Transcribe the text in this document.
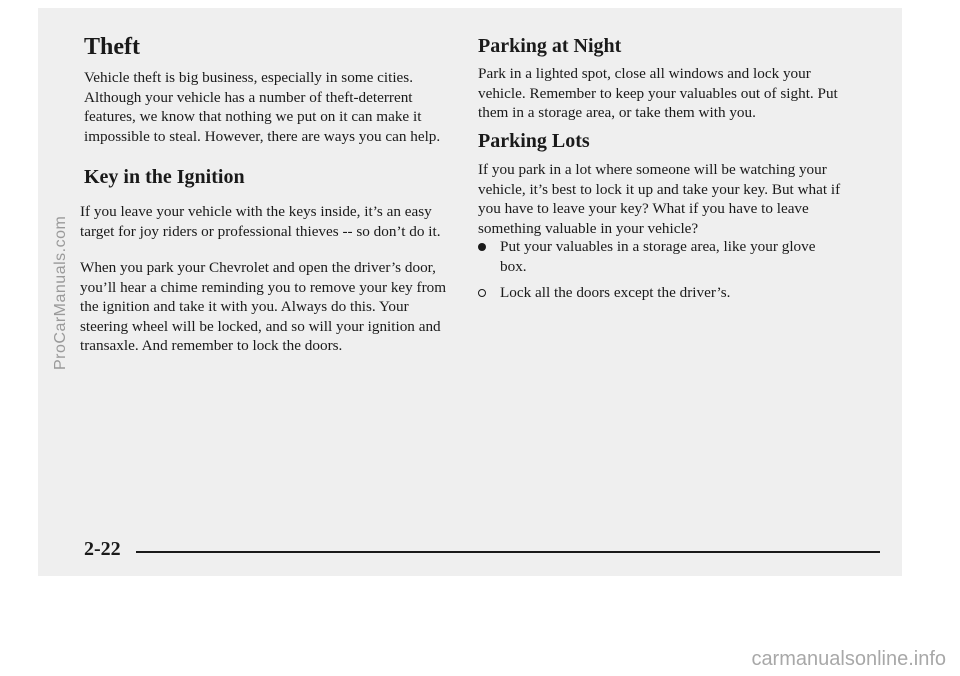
Theft

Vehicle theft is big business, especially in some cities. Although your vehicle has a number of theft-deterrent features, we know that nothing we put on it can make it impossible to steal. However, there are ways you can help.

Key in the Ignition

If you leave your vehicle with the keys inside, it’s an easy target for joy riders or professional thieves -- so don’t do it.

When you park your Chevrolet and open the driver’s door, you’ll hear a chime reminding you to remove your key from the ignition and take it with you. Always do this. Your steering wheel will be locked, and so will your ignition and transaxle. And remember to lock the doors.

Parking at Night

Park in a lighted spot, close all windows and lock your vehicle. Remember to keep your valuables out of sight. Put them in a storage area, or take them with you.

Parking Lots

If you park in a lot where someone will be watching your vehicle, it’s best to lock it up and take your key. But what if you have to leave your key? What if you have to leave something valuable in your vehicle?

Put your valuables in a storage area, like your glove box.
Lock all the doors except the driver’s.
2-22
ProCarManuals.com
carmanualsonline.info
